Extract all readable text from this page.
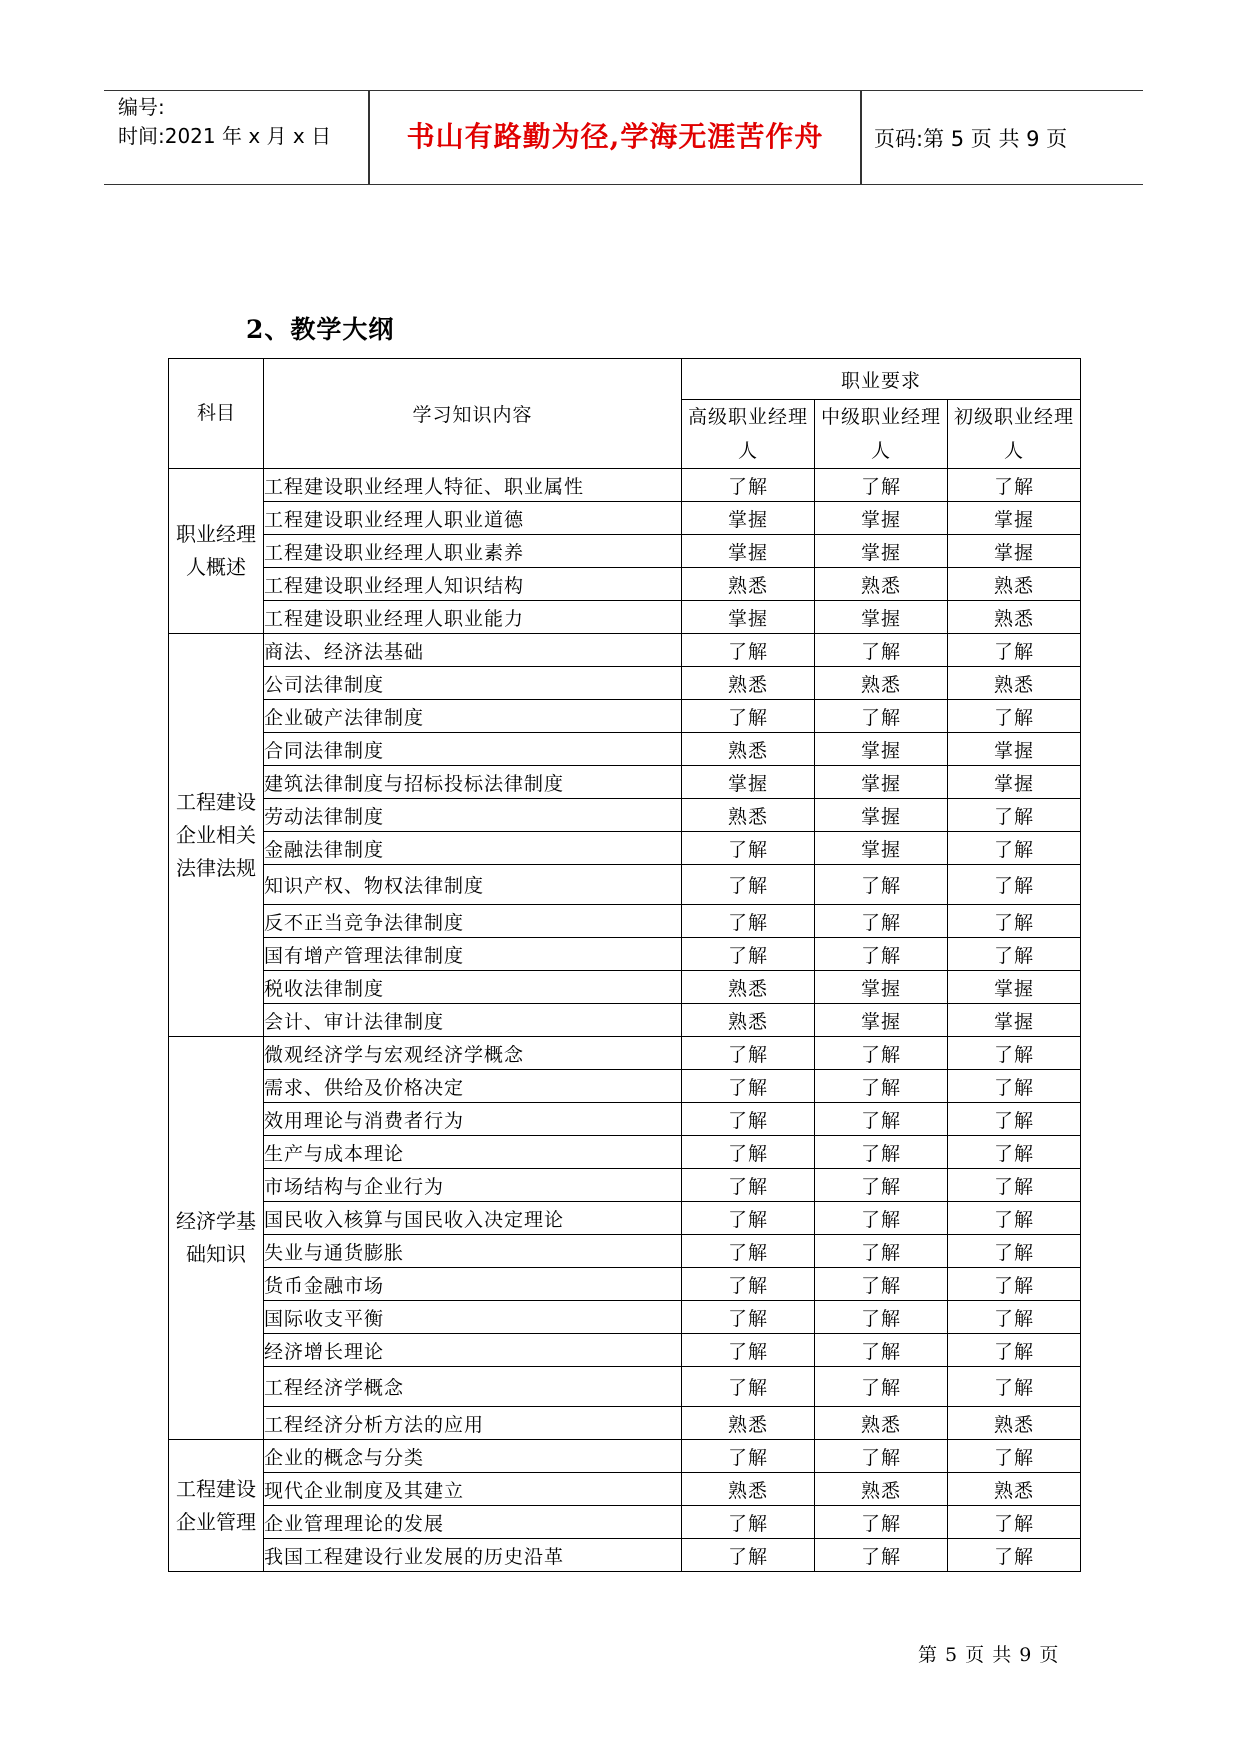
编号:
时间:2021 年 x 月 x 日	书山有路勤为径,学海无涯苦作舟	页码:第 5 页 共 9 页
2、教学大纲
科目	学习知识内容	职业要求		
		高级职业经理人	中级职业经理人	初级职业经理人
职业经理人概述	工程建设职业经理人特征、职业属性	了解	了解	了解
	工程建设职业经理人职业道德	掌握	掌握	掌握
	工程建设职业经理人职业素养	掌握	掌握	掌握
	工程建设职业经理人知识结构	熟悉	熟悉	熟悉
	工程建设职业经理人职业能力	掌握	掌握	熟悉
工程建设企业相关法律法规	商法、经济法基础	了解	了解	了解
	公司法律制度	熟悉	熟悉	熟悉
	企业破产法律制度	了解	了解	了解
	合同法律制度	熟悉	掌握	掌握
	建筑法律制度与招标投标法律制度	掌握	掌握	掌握
	劳动法律制度	熟悉	掌握	了解
	金融法律制度	了解	掌握	了解
	知识产权、物权法律制度	了解	了解	了解
	反不正当竞争法律制度	了解	了解	了解
	国有增产管理法律制度	了解	了解	了解
	税收法律制度	熟悉	掌握	掌握
	会计、审计法律制度	熟悉	掌握	掌握
经济学基础知识	微观经济学与宏观经济学概念	了解	了解	了解
	需求、供给及价格决定	了解	了解	了解
	效用理论与消费者行为	了解	了解	了解
	生产与成本理论	了解	了解	了解
	市场结构与企业行为	了解	了解	了解
	国民收入核算与国民收入决定理论	了解	了解	了解
	失业与通货膨胀	了解	了解	了解
	货币金融市场	了解	了解	了解
	国际收支平衡	了解	了解	了解
	经济增长理论	了解	了解	了解
	工程经济学概念	了解	了解	了解
	工程经济分析方法的应用	熟悉	熟悉	熟悉
工程建设企业管理	企业的概念与分类	了解	了解	了解
	现代企业制度及其建立	熟悉	熟悉	熟悉
	企业管理理论的发展	了解	了解	了解
	我国工程建设行业发展的历史沿革	了解	了解	了解
第 5 页 共 9 页
